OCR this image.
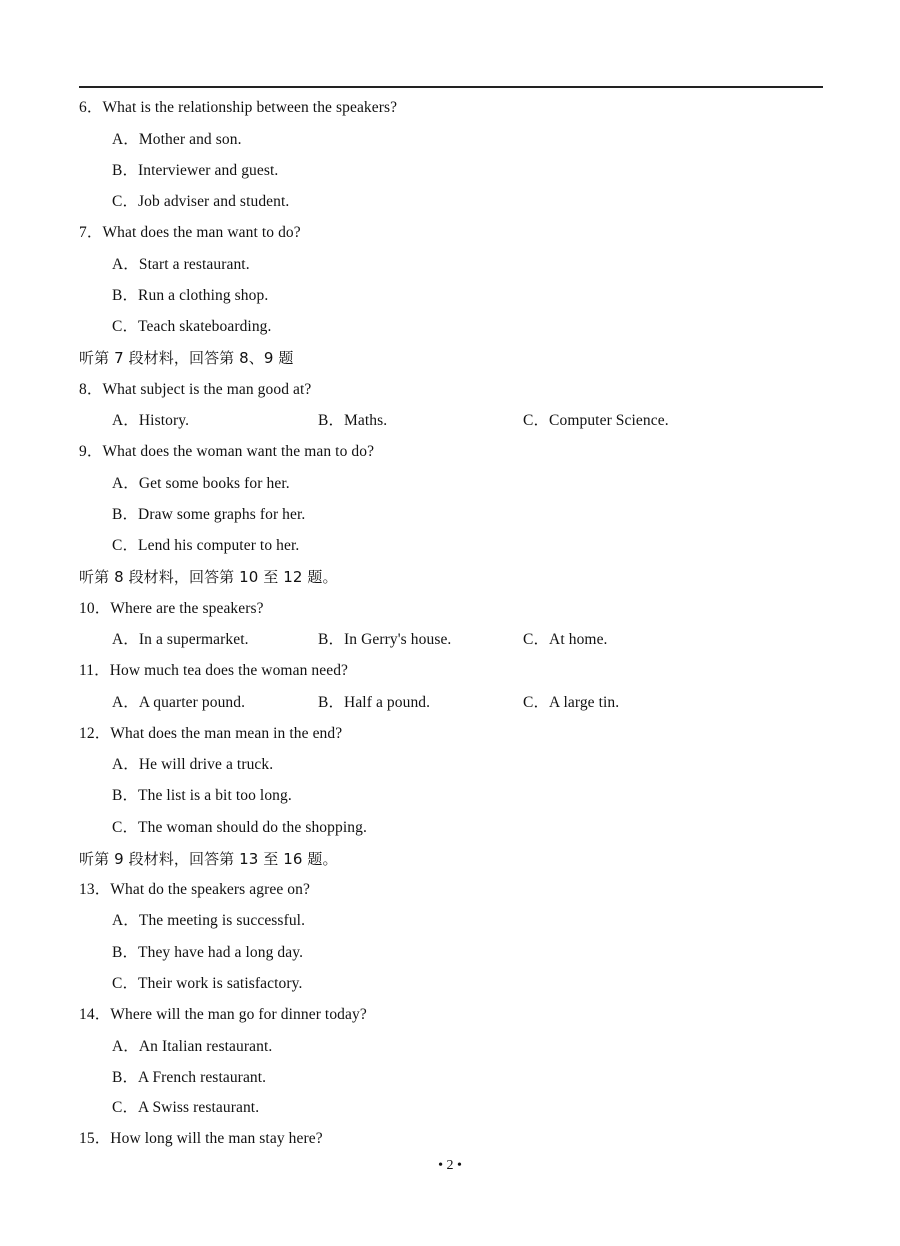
6．What is the relationship between the speakers?
A．Mother and son.
B．Interviewer and guest.
C．Job adviser and student.
7．What does the man want to do?
A．Start a restaurant.
B．Run a clothing shop.
C．Teach skateboarding.
听第 7 段材料，回答第 8、9 题
8．What subject is the man good at?
A．History.	B．Maths.	C．Computer Science.
9．What does the woman want the man to do?
A．Get some books for her.
B．Draw some graphs for her.
C．Lend his computer to her.
听第 8 段材料，回答第 10 至 12 题。
10．Where are the speakers?
A．In a supermarket.	B．In Gerry's house.	C．At home.
11．How much tea does the woman need?
A．A quarter pound.	B．Half a pound.	C．A large tin.
12．What does the man mean in the end?
A．He will drive a truck.
B．The list is a bit too long.
C．The woman should do the shopping.
听第 9 段材料，回答第 13 至 16 题。
13．What do the speakers agree on?
A．The meeting is successful.
B．They have had a long day.
C．Their work is satisfactory.
14．Where will the man go for dinner today?
A．An Italian restaurant.
B．A French restaurant.
C．A Swiss restaurant.
15．How long will the man stay here?
• 2 •
